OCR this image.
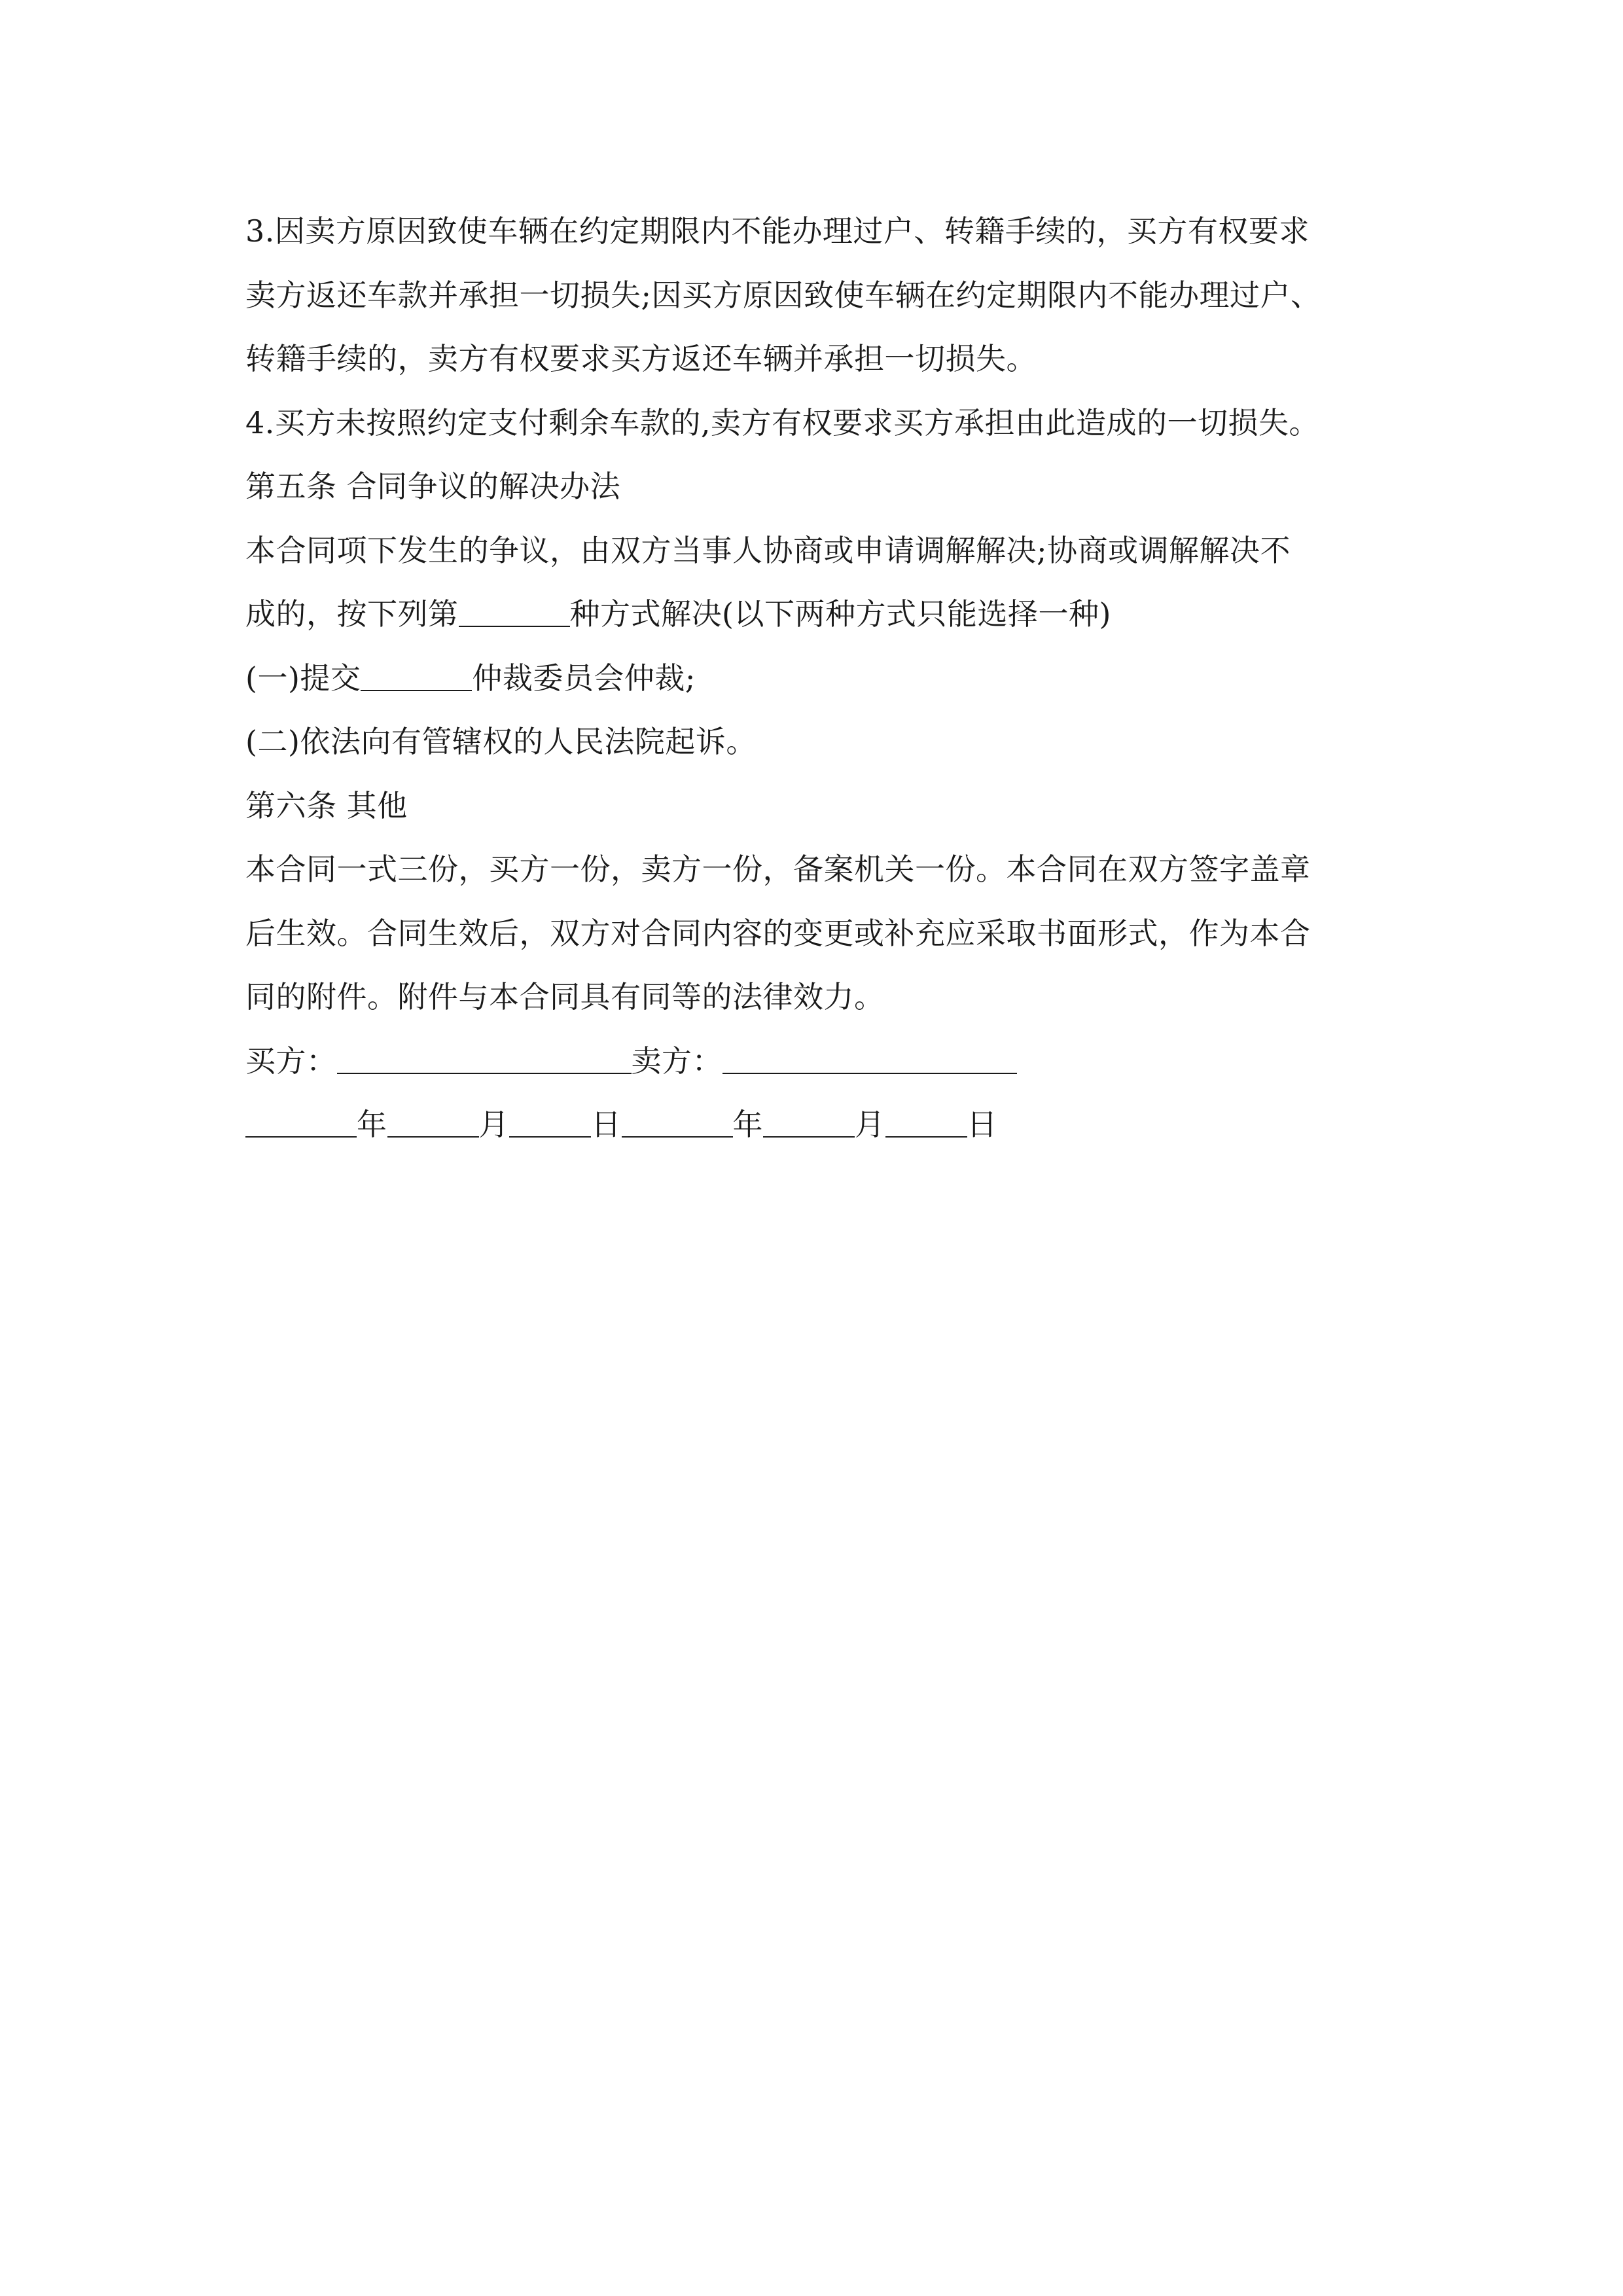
3.因卖方原因致使车辆在约定期限内不能办理过户、转籍手续的，买方有权要求
卖方返还车款并承担一切损失;因买方原因致使车辆在约定期限内不能办理过户、
转籍手续的，卖方有权要求买方返还车辆并承担一切损失。
4.买方未按照约定支付剩余车款的,卖方有权要求买方承担由此造成的一切损失。
第五条 合同争议的解决办法
本合同项下发生的争议，由双方当事人协商或申请调解解决;协商或调解解决不
成的，按下列第	种方式解决(以下两种方式只能选择一种)
(一)提交	仲裁委员会仲裁;
(二)依法向有管辖权的人民法院起诉。
第六条 其他
本合同一式三份，买方一份，卖方一份，备案机关一份。本合同在双方签字盖章
后生效。合同生效后，双方对合同内容的变更或补充应采取书面形式，作为本合
同的附件。附件与本合同具有同等的法律效力。
买方：	卖方：
年	月	日	年	月	日
